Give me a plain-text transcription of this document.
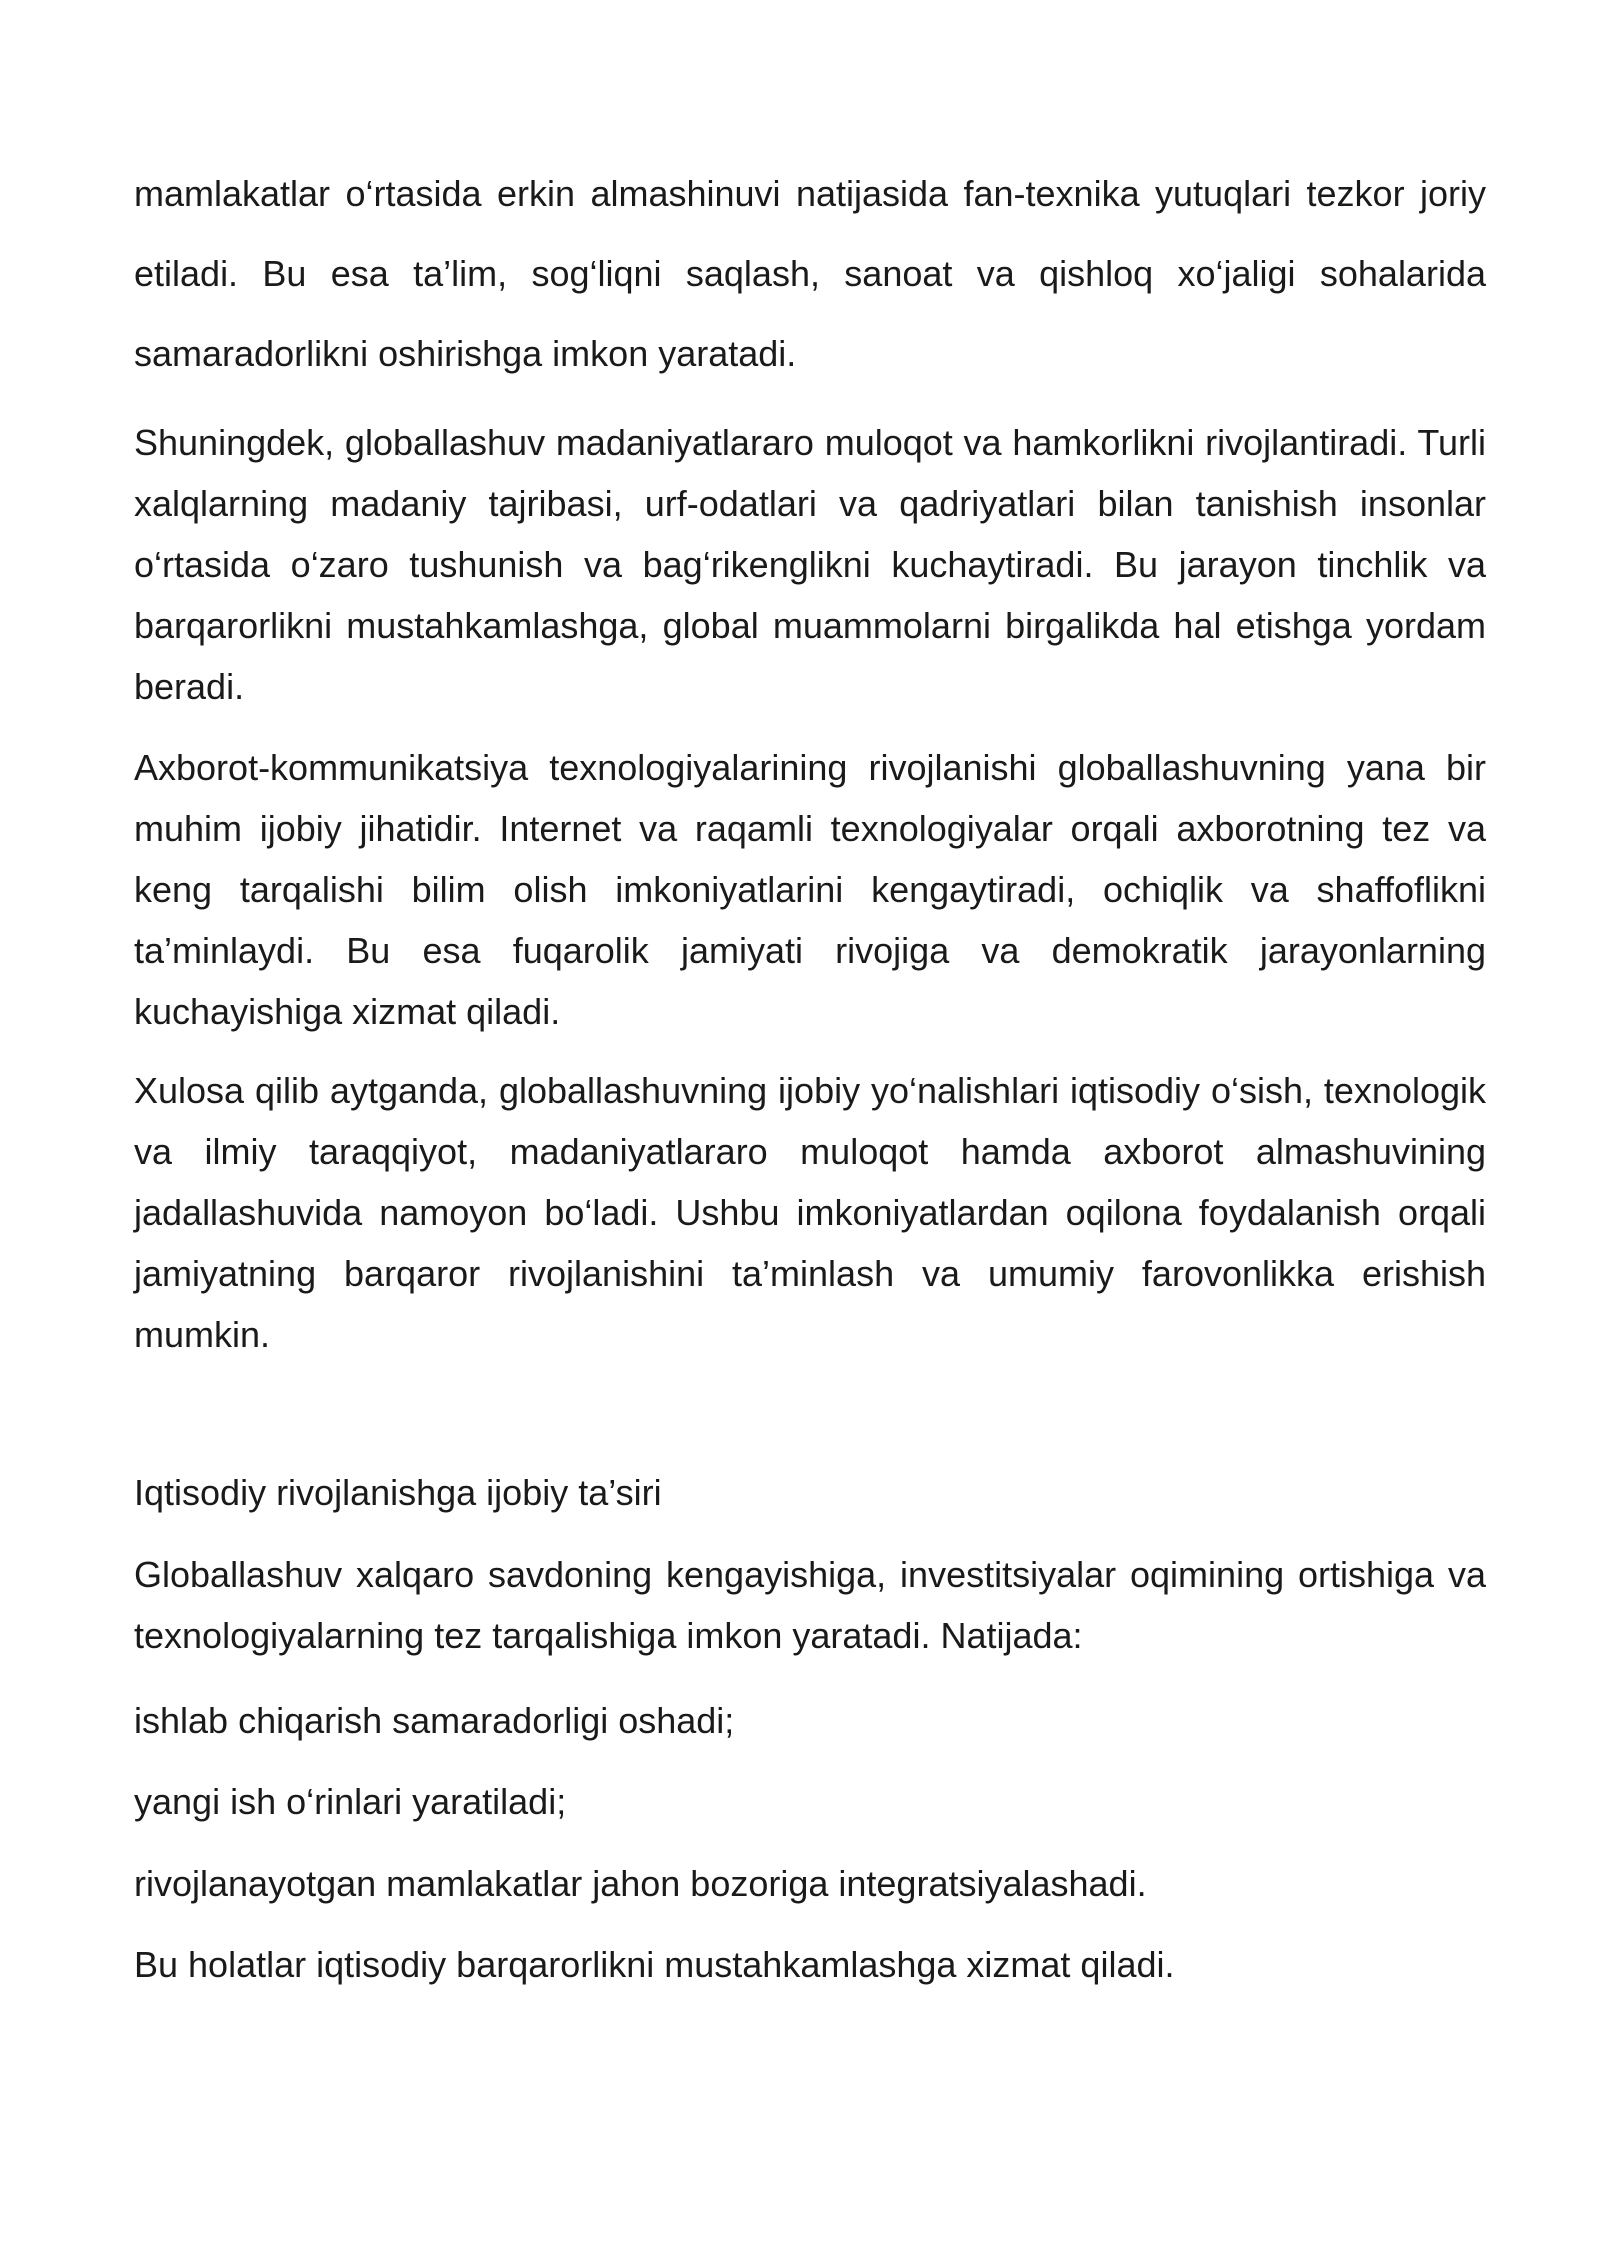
mamlakatlar o‘rtasida erkin almashinuvi natijasida fan-texnika yutuqlari tezkor joriy etiladi. Bu esa ta’lim, sog‘liqni saqlash, sanoat va qishloq xo‘jaligi sohalarida samaradorlikni oshirishga imkon yaratadi.

Shuningdek, globallashuv madaniyatlararo muloqot va hamkorlikni rivojlantiradi. Turli xalqlarning madaniy tajribasi, urf-odatlari va qadriyatlari bilan tanishish insonlar o‘rtasida o‘zaro tushunish va bag‘rikenglikni kuchaytiradi. Bu jarayon tinchlik va barqarorlikni mustahkamlashga, global muammolarni birgalikda hal etishga yordam beradi.

Axborot-kommunikatsiya texnologiyalarining rivojlanishi globallashuvning yana bir muhim ijobiy jihatidir. Internet va raqamli texnologiyalar orqali axborotning tez va keng tarqalishi bilim olish imkoniyatlarini kengaytiradi, ochiqlik va shaffoflikni ta’minlaydi. Bu esa fuqarolik jamiyati rivojiga va demokratik jarayonlarning kuchayishiga xizmat qiladi.

Xulosa qilib aytganda, globallashuvning ijobiy yo‘nalishlari iqtisodiy o‘sish, texnologik va ilmiy taraqqiyot, madaniyatlararo muloqot hamda axborot almashuvining jadallashuvida namoyon bo‘ladi. Ushbu imkoniyatlardan oqilona foydalanish orqali jamiyatning barqaror rivojlanishini ta’minlash va umumiy farovonlikka erishish mumkin.

Iqtisodiy rivojlanishga ijobiy ta’siri

Globallashuv xalqaro savdoning kengayishiga, investitsiyalar oqimining ortishiga va texnologiyalarning tez tarqalishiga imkon yaratadi. Natijada:

ishlab chiqarish samaradorligi oshadi;

yangi ish o‘rinlari yaratiladi;

rivojlanayotgan mamlakatlar jahon bozoriga integratsiyalashadi.

Bu holatlar iqtisodiy barqarorlikni mustahkamlashga xizmat qiladi.
